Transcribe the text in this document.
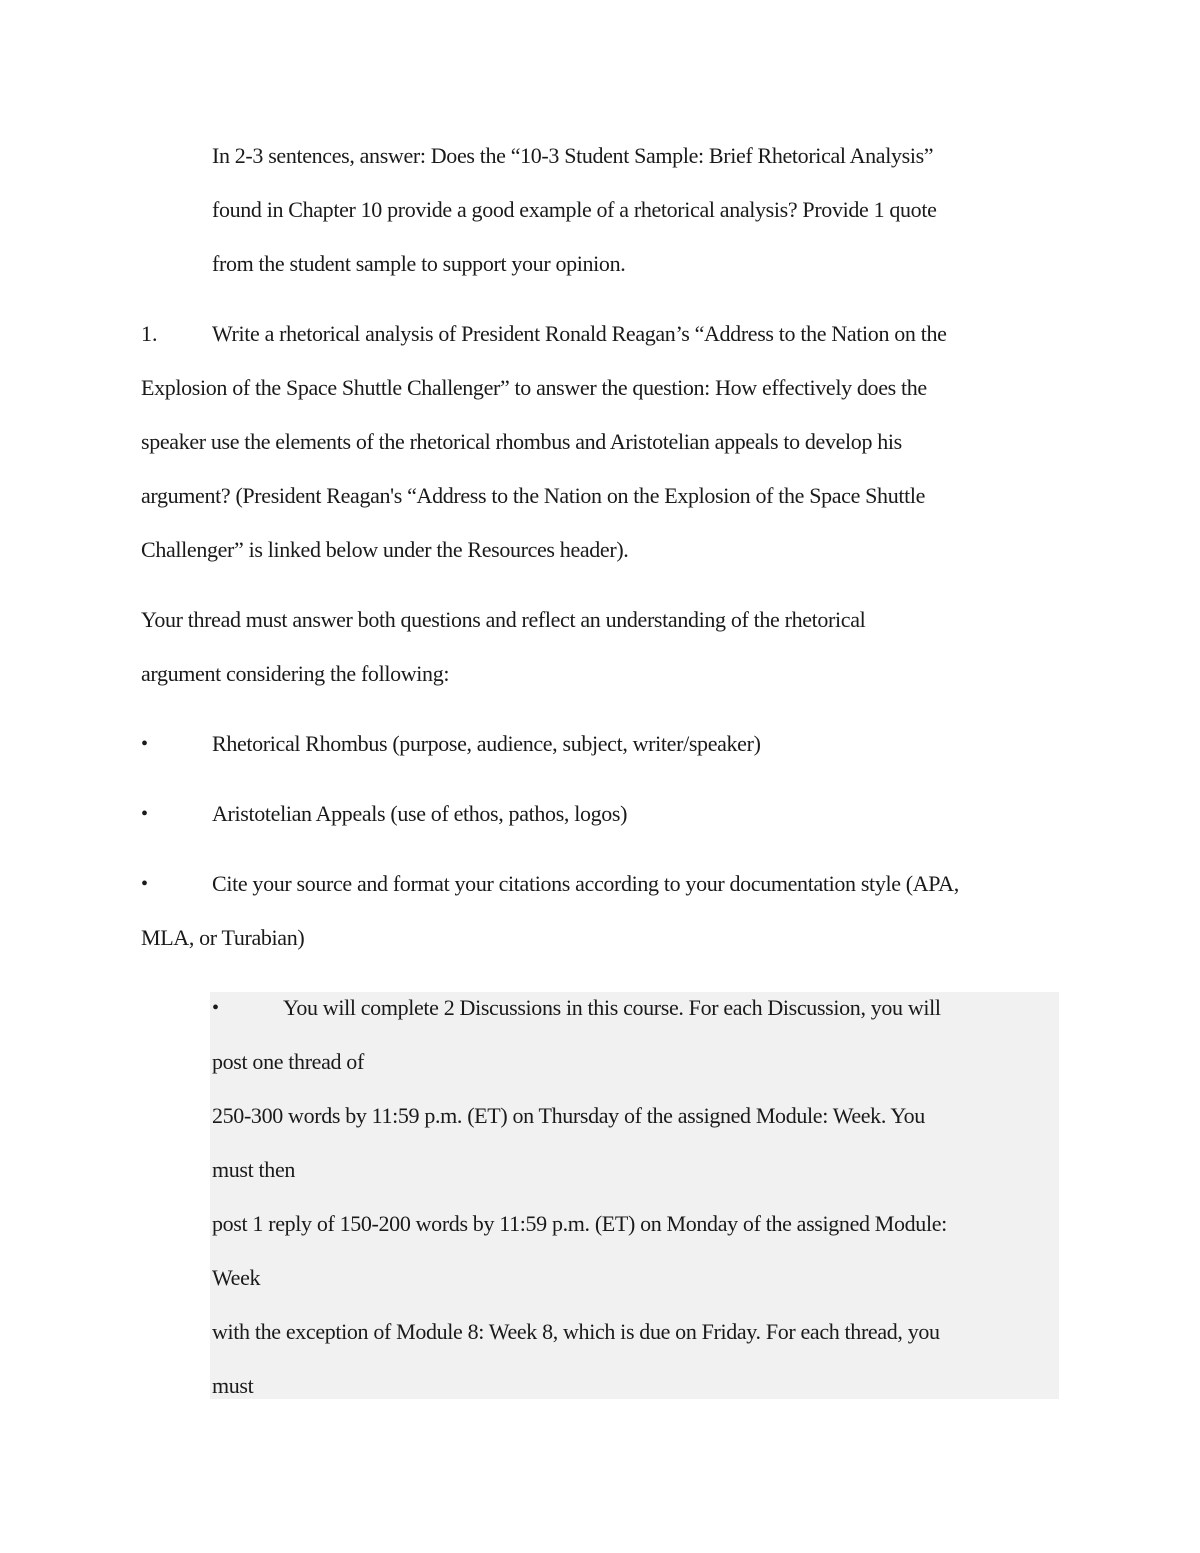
In 2-3 sentences, answer: Does the “10-3 Student Sample: Brief Rhetorical Analysis”
found in Chapter 10 provide a good example of a rhetorical analysis? Provide 1 quote
from the student sample to support your opinion.
1. Write a rhetorical analysis of President Ronald Reagan’s “Address to the Nation on the
Explosion of the Space Shuttle Challenger” to answer the question: How effectively does the
speaker use the elements of the rhetorical rhombus and Aristotelian appeals to develop his
argument? (President Reagan's “Address to the Nation on the Explosion of the Space Shuttle
Challenger” is linked below under the Resources header).
Your thread must answer both questions and reflect an understanding of the rhetorical
argument considering the following:
•	Rhetorical Rhombus (purpose, audience, subject, writer/speaker)
•	Aristotelian Appeals (use of ethos, pathos, logos)
•	Cite your source and format your citations according to your documentation style (APA,
MLA, or Turabian)
•	You will complete 2 Discussions in this course. For each Discussion, you will
post one thread of
250-300 words by 11:59 p.m. (ET) on Thursday of the assigned Module: Week. You
must then
post 1 reply of 150-200 words by 11:59 p.m. (ET) on Monday of the assigned Module:
Week
with the exception of Module 8: Week 8, which is due on Friday. For each thread, you
must
